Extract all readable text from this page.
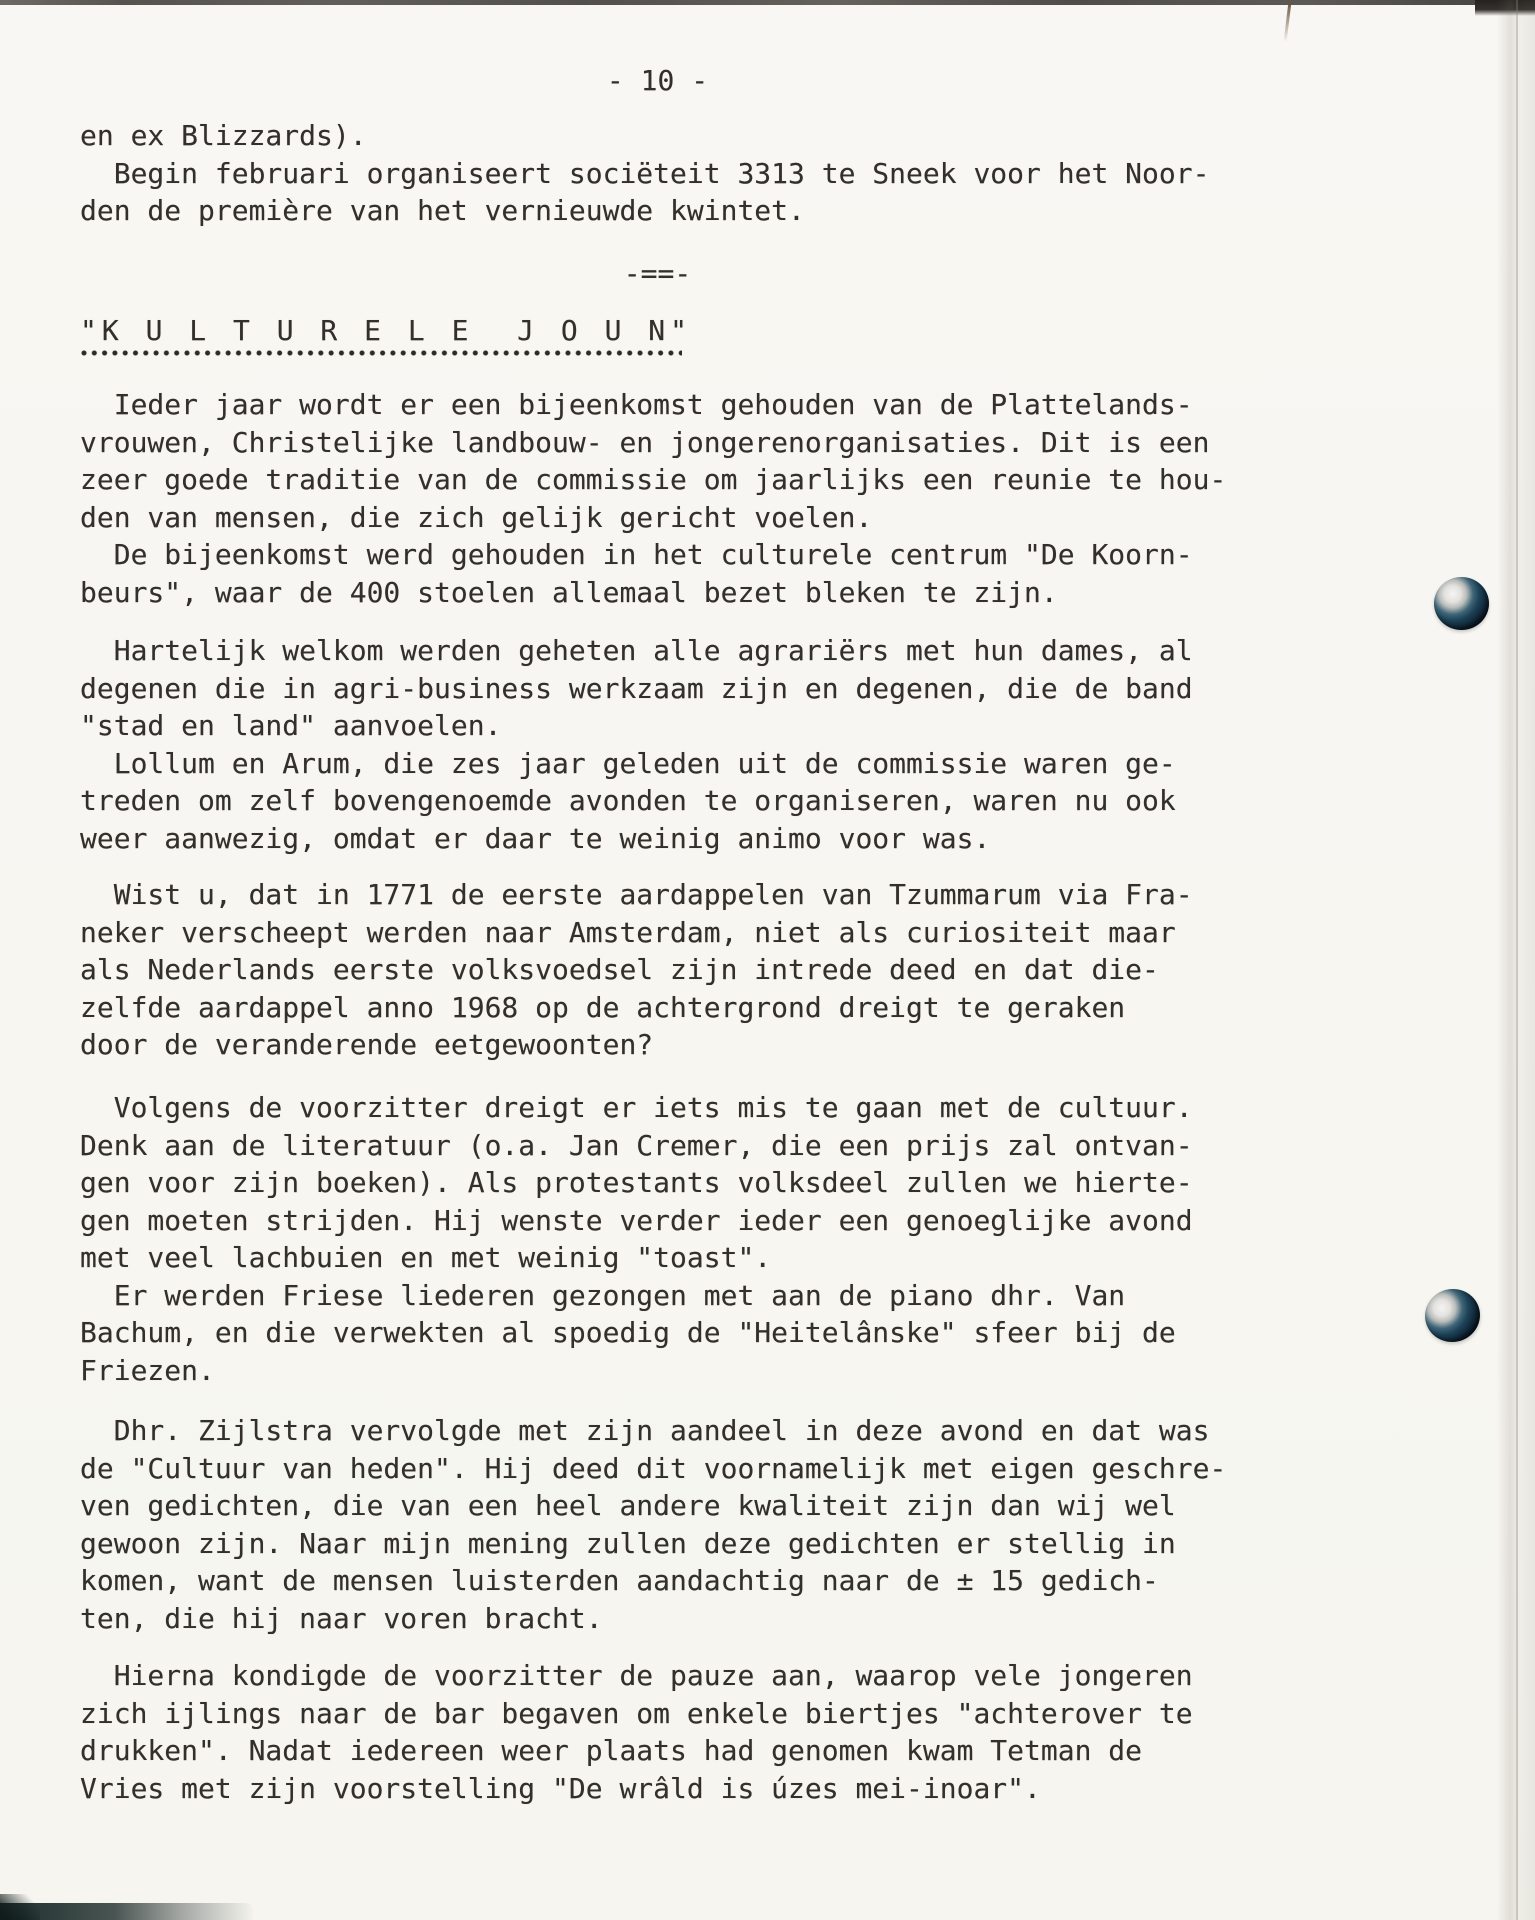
- 10 -
en ex Blizzards).
Begin februari organiseert sociëteit 3313 te Sneek voor het Noor-
den de première van het vernieuwde kwintet.
-==-
"K U L T U R E L E  J O U N"
Ieder jaar wordt er een bijeenkomst gehouden van de Plattelands-
vrouwen, Christelijke landbouw- en jongerenorganisaties. Dit is een
zeer goede traditie van de commissie om jaarlijks een reunie te hou-
den van mensen, die zich gelijk gericht voelen.
De bijeenkomst werd gehouden in het culturele centrum "De Koorn-
beurs", waar de 400 stoelen allemaal bezet bleken te zijn.
Hartelijk welkom werden geheten alle agrariërs met hun dames, al
degenen die in agri-business werkzaam zijn en degenen, die de band
"stad en land" aanvoelen.
Lollum en Arum, die zes jaar geleden uit de commissie waren ge-
treden om zelf bovengenoemde avonden te organiseren, waren nu ook
weer aanwezig, omdat er daar te weinig animo voor was.
Wist u, dat in 1771 de eerste aardappelen van Tzummarum via Fra-
neker verscheept werden naar Amsterdam, niet als curiositeit maar
als Nederlands eerste volksvoedsel zijn intrede deed en dat die-
zelfde aardappel anno 1968 op de achtergrond dreigt te geraken
door de veranderende eetgewoonten?
Volgens de voorzitter dreigt er iets mis te gaan met de cultuur.
Denk aan de literatuur (o.a. Jan Cremer, die een prijs zal ontvan-
gen voor zijn boeken). Als protestants volksdeel zullen we hierte-
gen moeten strijden. Hij wenste verder ieder een genoeglijke avond
met veel lachbuien en met weinig "toast".
Er werden Friese liederen gezongen met aan de piano dhr. Van
Bachum, en die verwekten al spoedig de "Heitelânske" sfeer bij de
Friezen.
Dhr. Zijlstra vervolgde met zijn aandeel in deze avond en dat was
de "Cultuur van heden". Hij deed dit voornamelijk met eigen geschre-
ven gedichten, die van een heel andere kwaliteit zijn dan wij wel
gewoon zijn. Naar mijn mening zullen deze gedichten er stellig in
komen, want de mensen luisterden aandachtig naar de ± 15 gedich-
ten, die hij naar voren bracht.
Hierna kondigde de voorzitter de pauze aan, waarop vele jongeren
zich ijlings naar de bar begaven om enkele biertjes "achterover te
drukken". Nadat iedereen weer plaats had genomen kwam Tetman de
Vries met zijn voorstelling "De wrâld is úzes mei-inoar".
